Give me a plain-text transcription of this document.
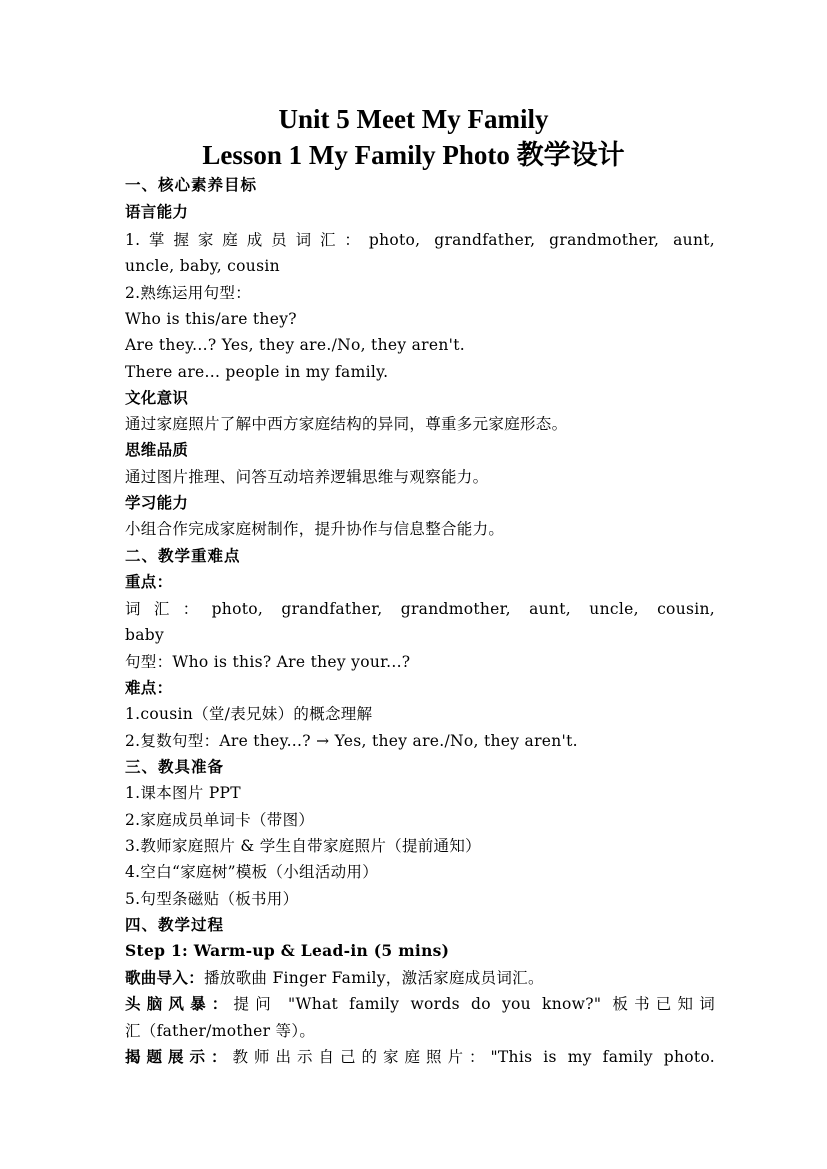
Unit 5 Meet My Family
Lesson 1 My Family Photo 教学设计
一、核心素养目标
语言能力
1.掌握家庭成员词汇：photo, grandfather, grandmother, aunt,
uncle, baby, cousin
2.熟练运用句型：
Who is this/are they?
Are they...? Yes, they are./No, they aren't.
There are... people in my family.
文化意识
通过家庭照片了解中西方家庭结构的异同，尊重多元家庭形态。
思维品质
通过图片推理、问答互动培养逻辑思维与观察能力。
学习能力
小组合作完成家庭树制作，提升协作与信息整合能力。
二、教学重难点
重点：
词汇：photo, grandfather, grandmother, aunt, uncle, cousin,
baby
句型：Who is this? Are they your...?
难点：
1.cousin（堂/表兄妹）的概念理解
2.复数句型：Are they...? → Yes, they are./No, they aren't.
三、教具准备
1.课本图片 PPT
2.家庭成员单词卡（带图）
3.教师家庭照片 & 学生自带家庭照片（提前通知）
4.空白“家庭树”模板（小组活动用）
5.句型条磁贴（板书用）
四、教学过程
Step 1: Warm-up & Lead-in (5 mins)
歌曲导入：播放歌曲 Finger Family，激活家庭成员词汇。
头脑风暴：提问 "What family words do you know?" 板书已知词
汇（father/mother 等）。
揭题展示：教师出示自己的家庭照片："This is my family photo.
